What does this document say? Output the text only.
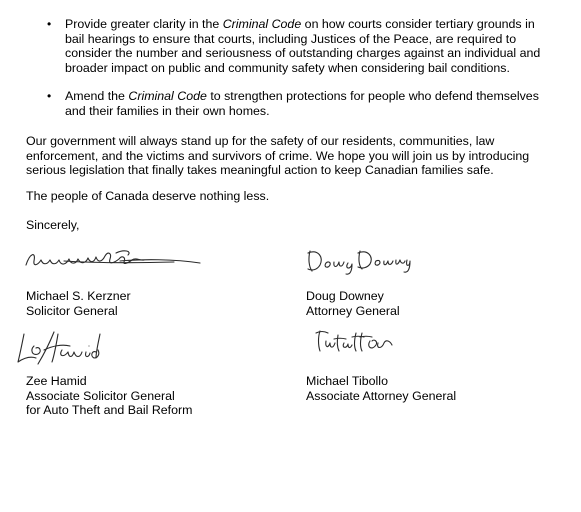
• Provide greater clarity in the Criminal Code on how courts consider tertiary grounds in bail hearings to ensure that courts, including Justices of the Peace, are required to consider the number and seriousness of outstanding charges against an individual and broader impact on public and community safety when considering bail conditions.
• Amend the Criminal Code to strengthen protections for people who defend themselves and their families in their own homes.

Our government will always stand up for the safety of our residents, communities, law enforcement, and the victims and survivors of crime. We hope you will join us by introducing serious legislation that finally takes meaningful action to keep Canadian families safe.

The people of Canada deserve nothing less.

Sincerely,

Michael S. Kerzner
Solicitor General
Doug Downey
Attorney General
Zee Hamid
Associate Solicitor General
for Auto Theft and Bail Reform
Michael Tibollo
Associate Attorney General
